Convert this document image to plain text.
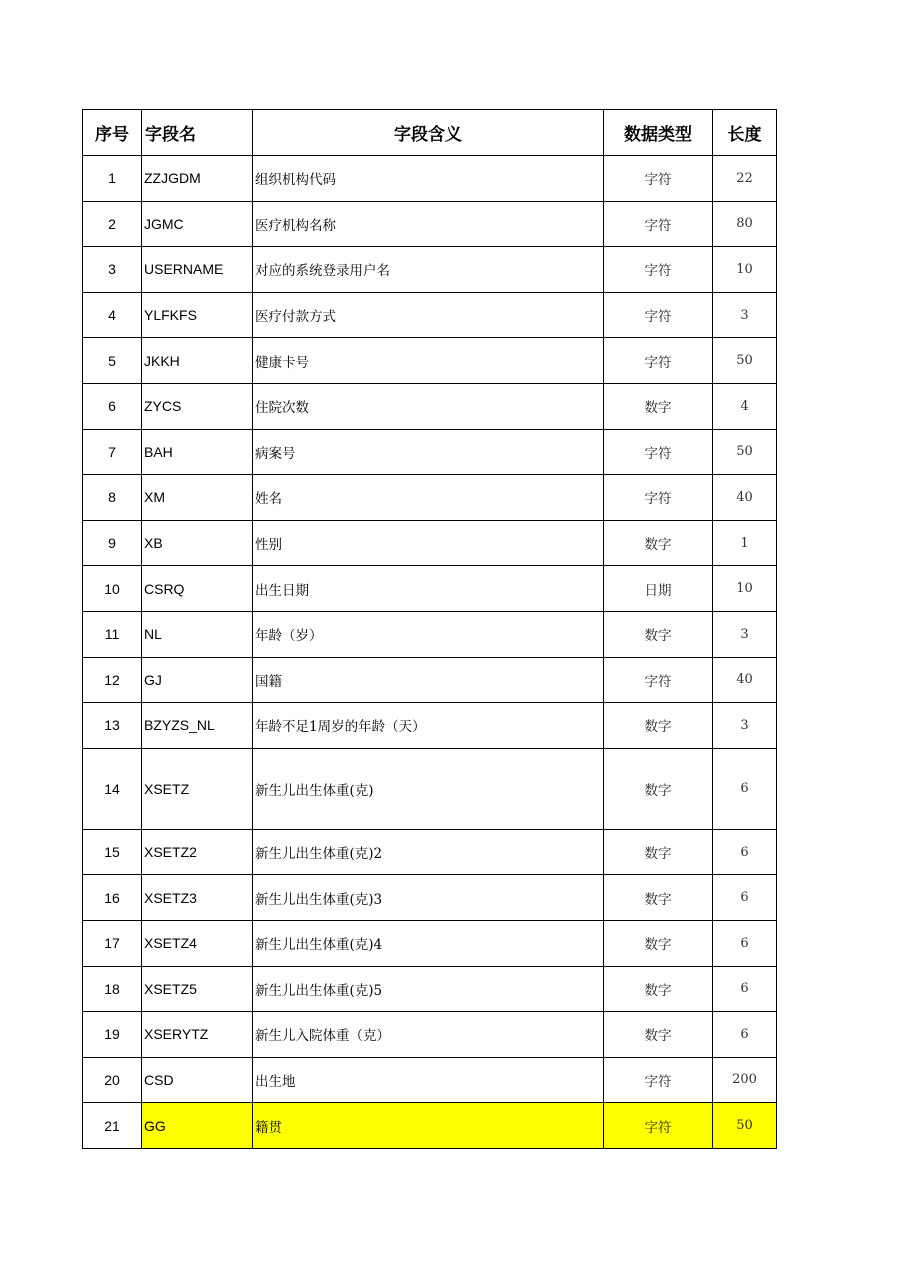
序号	字段名	字段含义	数据类型	长度
1	ZZJGDM	组织机构代码	字符	22
2	JGMC	医疗机构名称	字符	80
3	USERNAME	对应的系统登录用户名	字符	10
4	YLFKFS	医疗付款方式	字符	3
5	JKKH	健康卡号	字符	50
6	ZYCS	住院次数	数字	4
7	BAH	病案号	字符	50
8	XM	姓名	字符	40
9	XB	性别	数字	1
10	CSRQ	出生日期	日期	10
11	NL	年龄（岁）	数字	3
12	GJ	国籍	字符	40
13	BZYZS_NL	年龄不足1周岁的年龄（天）	数字	3
14	XSETZ	新生儿出生体重(克)	数字	6
15	XSETZ2	新生儿出生体重(克)2	数字	6
16	XSETZ3	新生儿出生体重(克)3	数字	6
17	XSETZ4	新生儿出生体重(克)4	数字	6
18	XSETZ5	新生儿出生体重(克)5	数字	6
19	XSERYTZ	新生儿入院体重（克）	数字	6
20	CSD	出生地	字符	200
21	GG	籍贯	字符	50
